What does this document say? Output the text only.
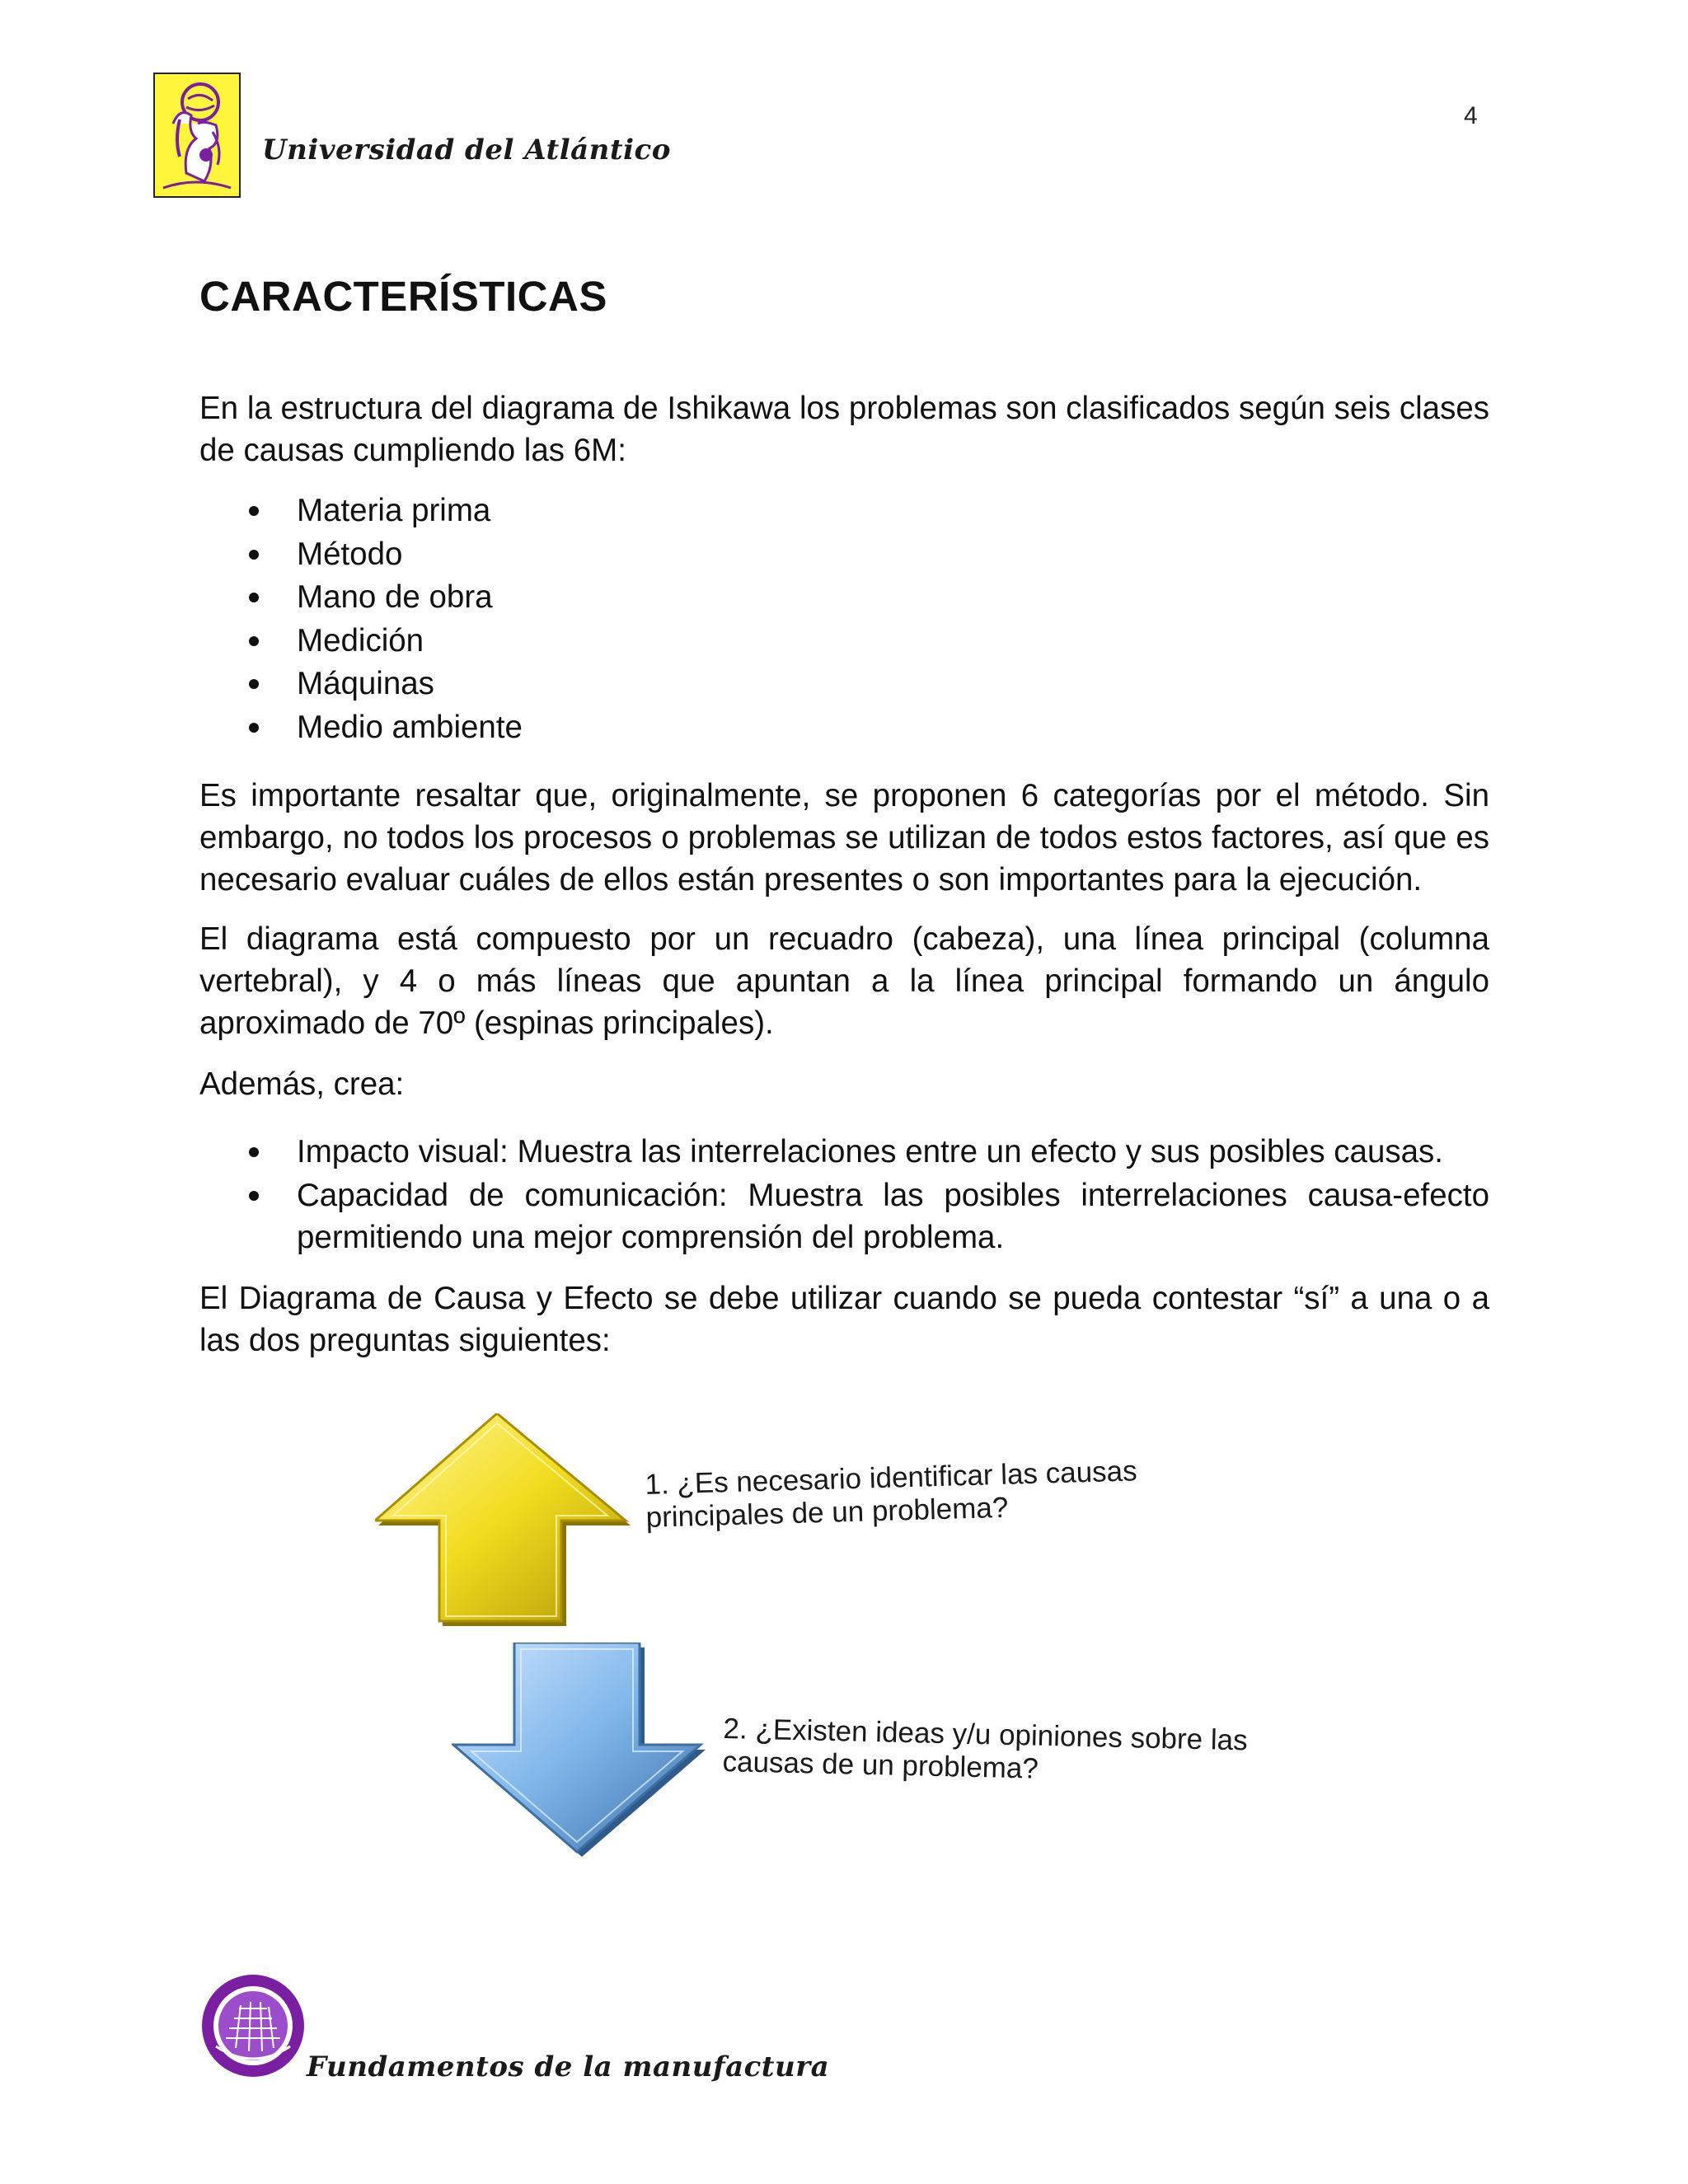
Universidad del Atlántico
4
CARACTERÍSTICAS
En la estructura del diagrama de Ishikawa los problemas son clasificados según seis clases de causas cumpliendo las 6M:
Materia prima
Método
Mano de obra
Medición
Máquinas
Medio ambiente
Es importante resaltar que, originalmente, se proponen 6 categorías por el método. Sin embargo, no todos los procesos o problemas se utilizan de todos estos factores, así que es necesario evaluar cuáles de ellos están presentes o son importantes para la ejecución.
El diagrama está compuesto por un recuadro (cabeza), una línea principal (columna vertebral), y 4 o más líneas que apuntan a la línea principal formando un ángulo aproximado de 70º (espinas principales).
Además, crea:
Impacto visual: Muestra las interrelaciones entre un efecto y sus posibles causas.
Capacidad de comunicación: Muestra las posibles interrelaciones causa-efecto permitiendo una mejor comprensión del problema.
El Diagrama de Causa y Efecto se debe utilizar cuando se pueda contestar “sí” a una o a las dos preguntas siguientes:
1. ¿Es necesario identificar las causas
principales de un problema?
2. ¿Existen ideas y/u opiniones sobre las
causas de un problema?
Fundamentos de la manufactura
